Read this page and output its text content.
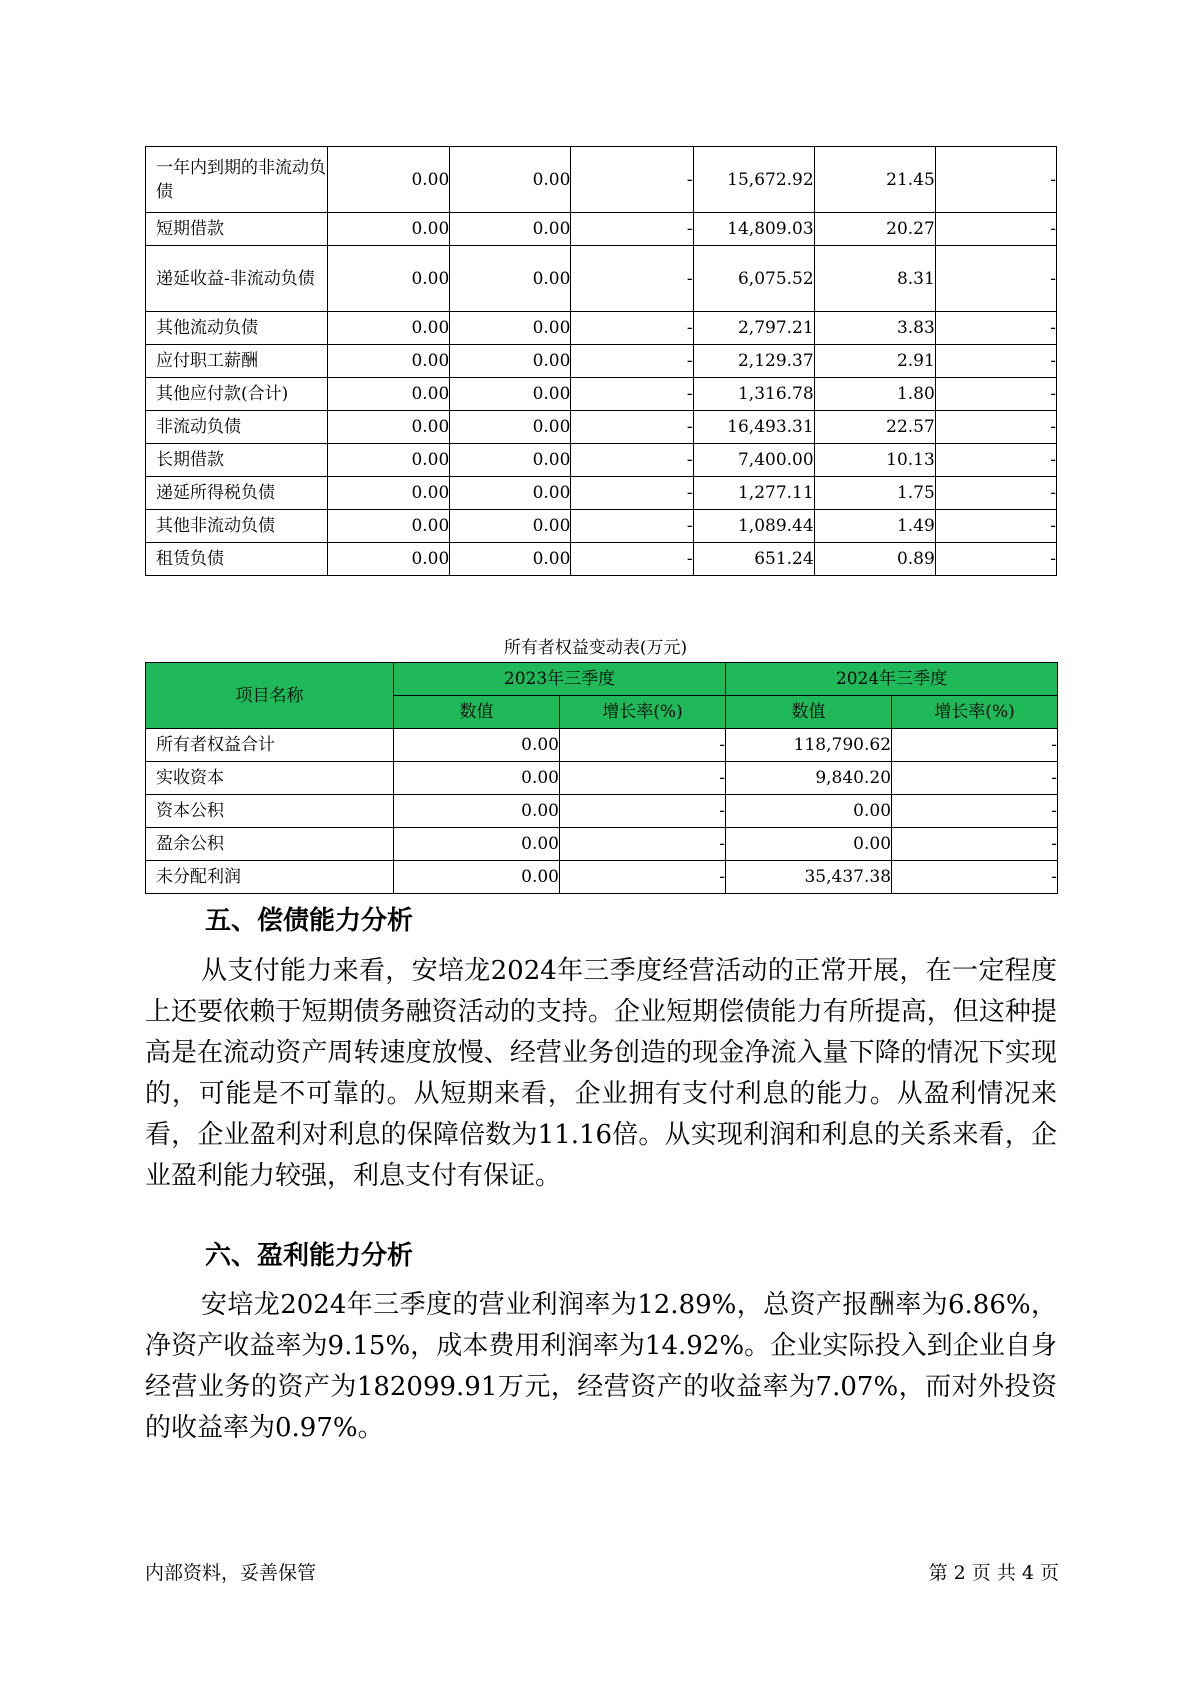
一年内到期的非流动负债	0.00	0.00	-	15,672.92	21.45	-
短期借款	0.00	0.00	-	14,809.03	20.27	-
递延收益-非流动负债	0.00	0.00	-	6,075.52	8.31	-
其他流动负债	0.00	0.00	-	2,797.21	3.83	-
应付职工薪酬	0.00	0.00	-	2,129.37	2.91	-
其他应付款(合计)	0.00	0.00	-	1,316.78	1.80	-
非流动负债	0.00	0.00	-	16,493.31	22.57	-
长期借款	0.00	0.00	-	7,400.00	10.13	-
递延所得税负债	0.00	0.00	-	1,277.11	1.75	-
其他非流动负债	0.00	0.00	-	1,089.44	1.49	-
租赁负债	0.00	0.00	-	651.24	0.89	-
所有者权益变动表(万元)
项目名称	2023年三季度		2024年三季度	
	数值	增长率(%)	数值	增长率(%)
所有者权益合计	0.00	-	118,790.62	-
实收资本	0.00	-	9,840.20	-
资本公积	0.00	-	0.00	-
盈余公积	0.00	-	0.00	-
未分配利润	0.00	-	35,437.38	-
五、偿债能力分析

从支付能力来看，安培龙2024年三季度经营活动的正常开展，在一定程度上还要依赖于短期债务融资活动的支持。企业短期偿债能力有所提高，但这种提高是在流动资产周转速度放慢、经营业务创造的现金净流入量下降的情况下实现的，可能是不可靠的。从短期来看，企业拥有支付利息的能力。从盈利情况来看，企业盈利对利息的保障倍数为11.16倍。从实现利润和利息的关系来看，企业盈利能力较强，利息支付有保证。

六、盈利能力分析

安培龙2024年三季度的营业利润率为12.89%，总资产报酬率为6.86%，净资产收益率为9.15%，成本费用利润率为14.92%。企业实际投入到企业自身经营业务的资产为182099.91万元，经营资产的收益率为7.07%，而对外投资的收益率为0.97%。

内部资料，妥善保管	第 2 页 共 4 页
